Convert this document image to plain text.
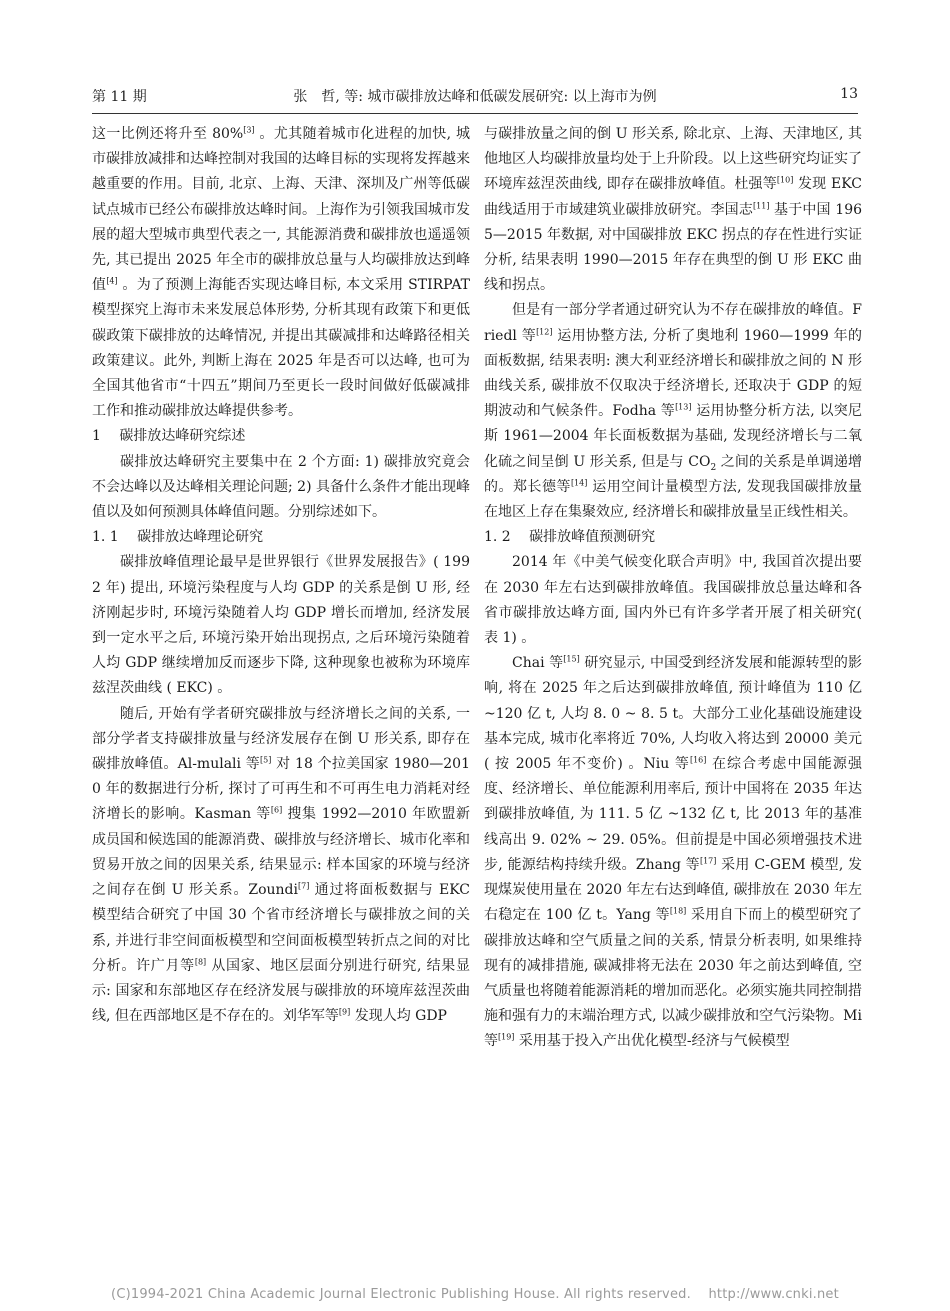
第 11 期	张　哲, 等: 城市碳排放达峰和低碳发展研究: 以上海市为例	13

这一比例还将升至 80%[3] 。尤其随着城市化进程的加快, 城市碳排放减排和达峰控制对我国的达峰目标的实现将发挥越来越重要的作用。目前, 北京、上海、天津、深圳及广州等低碳试点城市已经公布碳排放达峰时间。上海作为引领我国城市发展的超大型城市典型代表之一, 其能源消费和碳排放也遥遥领先, 其已提出 2025 年全市的碳排放总量与人均碳排放达到峰值[4] 。为了预测上海能否实现达峰目标, 本文采用 STIRPAT 模型探究上海市未来发展总体形势, 分析其现有政策下和更低碳政策下碳排放的达峰情况, 并提出其碳减排和达峰路径相关政策建议。此外, 判断上海在 2025 年是否可以达峰, 也可为全国其他省市“十四五”期间乃至更长一段时间做好低碳减排工作和推动碳排放达峰提供参考。

1　 碳排放达峰研究综述

碳排放达峰研究主要集中在 2 个方面: 1) 碳排放究竟会不会达峰以及达峰相关理论问题; 2) 具备什么条件才能出现峰值以及如何预测具体峰值问题。分别综述如下。

1. 1　 碳排放达峰理论研究

碳排放峰值理论最早是世界银行《世界发展报告》( 1992 年) 提出, 环境污染程度与人均 GDP 的关系是倒 U 形, 经济刚起步时, 环境污染随着人均 GDP 增长而增加, 经济发展到一定水平之后, 环境污染开始出现拐点, 之后环境污染随着人均 GDP 继续增加反而逐步下降, 这种现象也被称为环境库兹涅茨曲线 ( EKC) 。

随后, 开始有学者研究碳排放与经济增长之间的关系, 一部分学者支持碳排放量与经济发展存在倒 U 形关系, 即存在碳排放峰值。Al-mulali 等[5] 对 18 个拉美国家 1980—2010 年的数据进行分析, 探讨了可再生和不可再生电力消耗对经济增长的影响。Kasman 等[6] 搜集 1992—2010 年欧盟新成员国和候选国的能源消费、碳排放与经济增长、城市化率和贸易开放之间的因果关系, 结果显示: 样本国家的环境与经济之间存在倒 U 形关系。Zoundi[7] 通过将面板数据与 EKC 模型结合研究了中国 30 个省市经济增长与碳排放之间的关系, 并进行非空间面板模型和空间面板模型转折点之间的对比分析。许广月等[8] 从国家、地区层面分别进行研究, 结果显示: 国家和东部地区存在经济发展与碳排放的环境库兹涅茨曲线, 但在西部地区是不存在的。刘华军等[9] 发现人均 GDP

与碳排放量之间的倒 U 形关系, 除北京、上海、天津地区, 其他地区人均碳排放量均处于上升阶段。以上这些研究均证实了环境库兹涅茨曲线, 即存在碳排放峰值。杜强等[10] 发现 EKC 曲线适用于市域建筑业碳排放研究。李国志[11] 基于中国 1965—2015 年数据, 对中国碳排放 EKC 拐点的存在性进行实证分析, 结果表明 1990—2015 年存在典型的倒 U 形 EKC 曲线和拐点。

但是有一部分学者通过研究认为不存在碳排放的峰值。Friedl 等[12] 运用协整方法, 分析了奥地利 1960—1999 年的面板数据, 结果表明: 澳大利亚经济增长和碳排放之间的 N 形曲线关系, 碳排放不仅取决于经济增长, 还取决于 GDP 的短期波动和气候条件。Fodha 等[13] 运用协整分析方法, 以突尼斯 1961—2004 年长面板数据为基础, 发现经济增长与二氧化硫之间呈倒 U 形关系, 但是与 $CO_2$ 之间的关系是单调递增的。郑长德等[14] 运用空间计量模型方法, 发现我国碳排放量在地区上存在集聚效应, 经济增长和碳排放量呈正线性相关。

1. 2　 碳排放峰值预测研究

2014 年《中美气候变化联合声明》中, 我国首次提出要在 2030 年左右达到碳排放峰值。我国碳排放总量达峰和各省市碳排放达峰方面, 国内外已有许多学者开展了相关研究( 表 1) 。

Chai 等[15] 研究显示, 中国受到经济发展和能源转型的影响, 将在 2025 年之后达到碳排放峰值, 预计峰值为 110 亿 ~120 亿 t, 人均 8. 0 ~ 8. 5 t。大部分工业化基础设施建设基本完成, 城市化率将近 70%, 人均收入将达到 20000 美元( 按 2005 年不变价) 。Niu 等[16] 在综合考虑中国能源强度、经济增长、单位能源利用率后, 预计中国将在 2035 年达到碳排放峰值, 为 111. 5 亿 ~132 亿 t, 比 2013 年的基准线高出 9. 02% ~ 29. 05%。但前提是中国必须增强技术进步, 能源结构持续升级。Zhang 等[17] 采用 C-GEM 模型, 发现煤炭使用量在 2020 年左右达到峰值, 碳排放在 2030 年左右稳定在 100 亿 t。Yang 等[18] 采用自下而上的模型研究了碳排放达峰和空气质量之间的关系, 情景分析表明, 如果维持现有的减排措施, 碳减排将无法在 2030 年之前达到峰值, 空气质量也将随着能源消耗的增加而恶化。必须实施共同控制措施和强有力的末端治理方式, 以减少碳排放和空气污染物。Mi 等[19] 采用基于投入产出优化模型-经济与气候模型

(C)1994-2021 China Academic Journal Electronic Publishing House. All rights reserved.　 http://www.cnki.net
